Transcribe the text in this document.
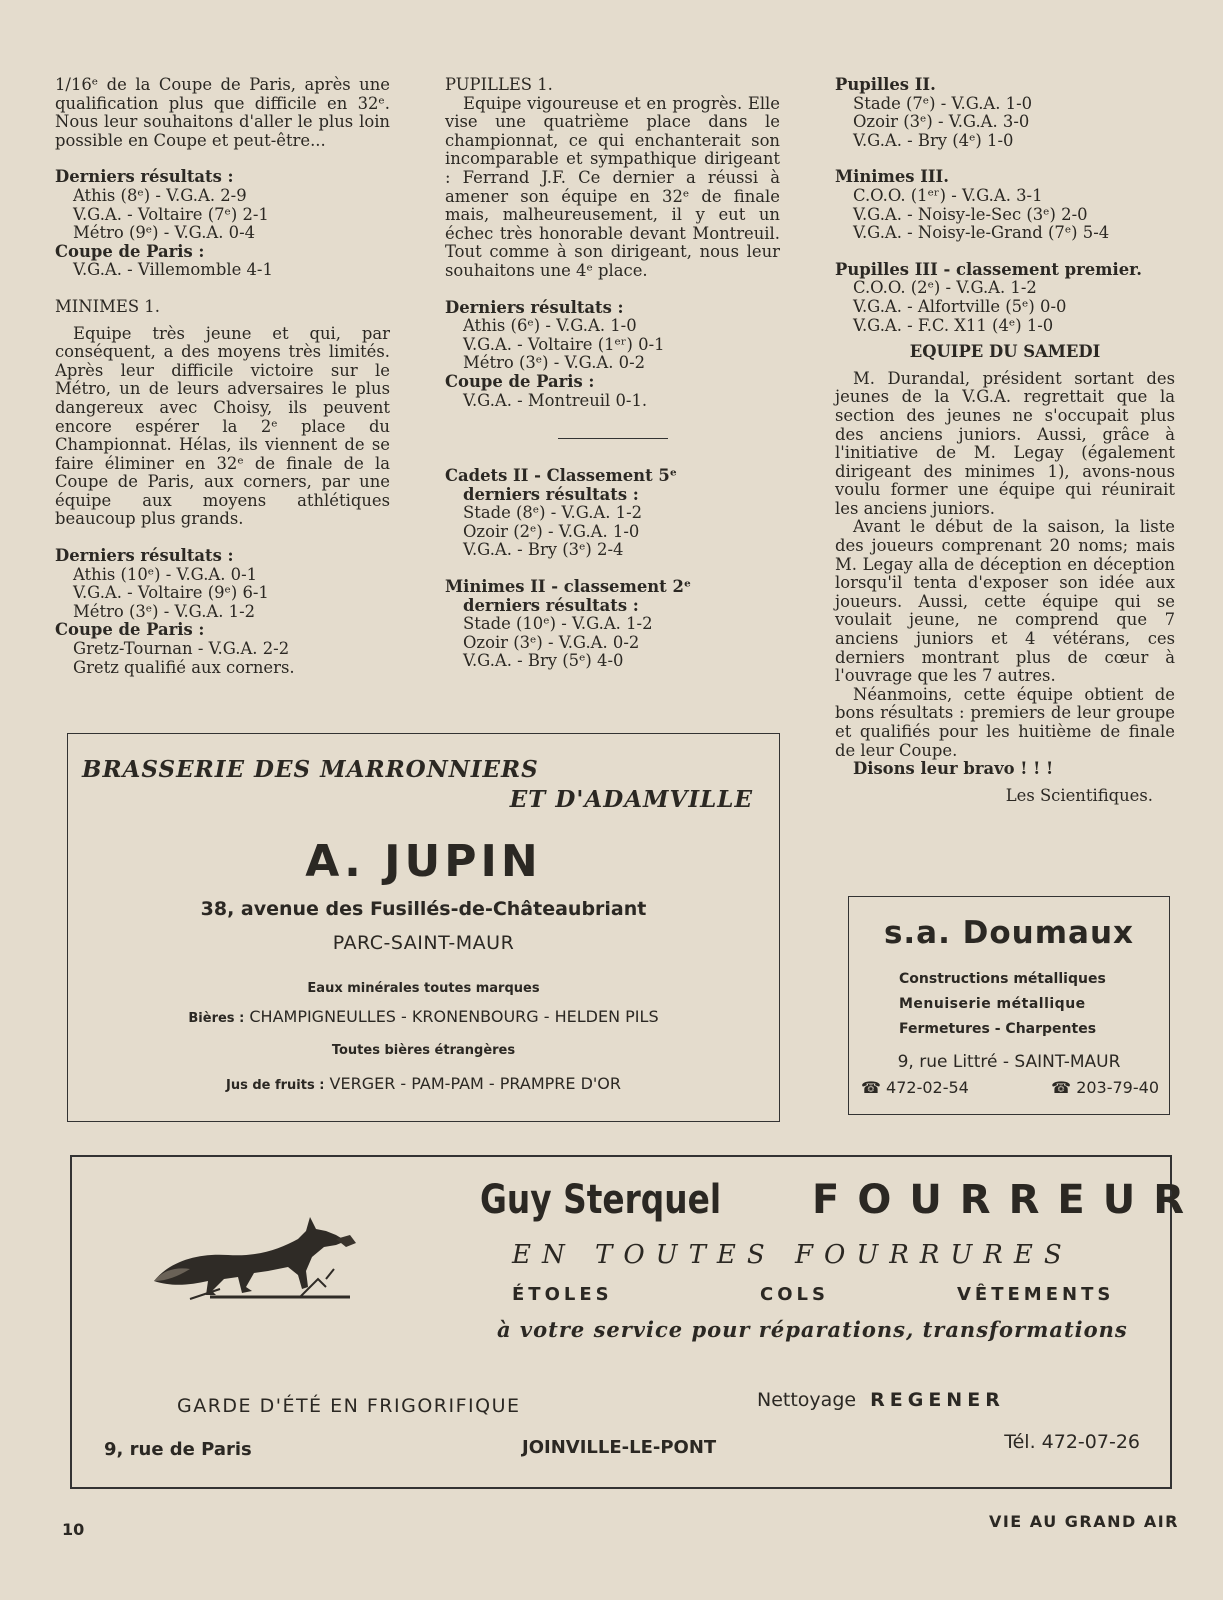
1/16ᵉ de la Coupe de Paris, après une qualification plus que difficile en 32ᵉ. Nous leur souhaitons d'aller le plus loin possible en Coupe et peut-être...

Derniers résultats :

Athis (8ᵉ) - V.G.A. 2-9

V.G.A. - Voltaire (7ᵉ) 2-1

Métro (9ᵉ) - V.G.A. 0-4

Coupe de Paris :

V.G.A. - Villemomble 4-1

MINIMES 1.

Equipe très jeune et qui, par conséquent, a des moyens très limités. Après leur difficile victoire sur le Métro, un de leurs adversaires le plus dangereux avec Choisy, ils peuvent encore espérer la 2ᵉ place du Championnat. Hélas, ils viennent de se faire éliminer en 32ᵉ de finale de la Coupe de Paris, aux corners, par une équipe aux moyens athlétiques beaucoup plus grands.

Derniers résultats :

Athis (10ᵉ) - V.G.A. 0-1

V.G.A. - Voltaire (9ᵉ) 6-1

Métro (3ᵉ) - V.G.A. 1-2

Coupe de Paris :

Gretz-Tournan - V.G.A. 2-2

Gretz qualifié aux corners.

PUPILLES 1.

Equipe vigoureuse et en progrès. Elle vise une quatrième place dans le championnat, ce qui enchanterait son incomparable et sympathique dirigeant : Ferrand J.F. Ce dernier a réussi à amener son équipe en 32ᵉ de finale mais, malheureusement, il y eut un échec très honorable devant Montreuil. Tout comme à son dirigeant, nous leur souhaitons une 4ᵉ place.

Derniers résultats :

Athis (6ᵉ) - V.G.A. 1-0

V.G.A. - Voltaire (1ᵉʳ) 0-1

Métro (3ᵉ) - V.G.A. 0-2

Coupe de Paris :

V.G.A. - Montreuil 0-1.

Cadets II - Classement 5ᵉ

derniers résultats :

Stade (8ᵉ) - V.G.A. 1-2

Ozoir (2ᵉ) - V.G.A. 1-0

V.G.A. - Bry (3ᵉ) 2-4

Minimes II - classement 2ᵉ

derniers résultats :

Stade (10ᵉ) - V.G.A. 1-2

Ozoir (3ᵉ) - V.G.A. 0-2

V.G.A. - Bry (5ᵉ) 4-0

Pupilles II.

Stade (7ᵉ) - V.G.A. 1-0

Ozoir (3ᵉ) - V.G.A. 3-0

V.G.A. - Bry (4ᵉ) 1-0

Minimes III.

C.O.O. (1ᵉʳ) - V.G.A. 3-1

V.G.A. - Noisy-le-Sec (3ᵉ) 2-0

V.G.A. - Noisy-le-Grand (7ᵉ) 5-4

Pupilles III - classement premier.

C.O.O. (2ᵉ) - V.G.A. 1-2

V.G.A. - Alfortville (5ᵉ) 0-0

V.G.A. - F.C. X11 (4ᵉ) 1-0

EQUIPE DU SAMEDI

M. Durandal, président sortant des jeunes de la V.G.A. regrettait que la section des jeunes ne s'occupait plus des anciens juniors. Aussi, grâce à l'initiative de M. Legay (également dirigeant des minimes 1), avons-nous voulu former une équipe qui réunirait les anciens juniors.

Avant le début de la saison, la liste des joueurs comprenant 20 noms; mais M. Legay alla de déception en déception lorsqu'il tenta d'exposer son idée aux joueurs. Aussi, cette équipe qui se voulait jeune, ne comprend que 7 anciens juniors et 4 vétérans, ces derniers montrant plus de cœur à l'ouvrage que les 7 autres.

Néanmoins, cette équipe obtient de bons résultats : premiers de leur groupe et qualifiés pour les huitième de finale de leur Coupe.

Disons leur bravo ! ! !

Les Scientifiques.

BRASSERIE DES MARRONNIERS
ET D'ADAMVILLE
A. JUPIN
38, avenue des Fusillés-de-Châteaubriant
PARC-SAINT-MAUR
Eaux minérales toutes marques
Bières : CHAMPIGNEULLES - KRONENBOURG - HELDEN PILS
Toutes bières étrangères
Jus de fruits : VERGER - PAM-PAM - PRAMPRE D'OR
s.a. Doumaux
Constructions métalliques
Menuiserie métallique
Fermetures - Charpentes
9, rue Littré - SAINT-MAUR
☎ 472-02-54	☎ 203-79-40
Guy Sterquel FOURREUR
EN TOUTES FOURRURES
ÉTOLES	COLS	VÊTEMENTS
à votre service pour réparations, transformations
GARDE D'ÉTÉ EN FRIGORIFIQUE	Nettoyage REGENER
9, rue de Paris	JOINVILLE-LE-PONT	Tél. 472-07-26
10	VIE AU GRAND AIR
